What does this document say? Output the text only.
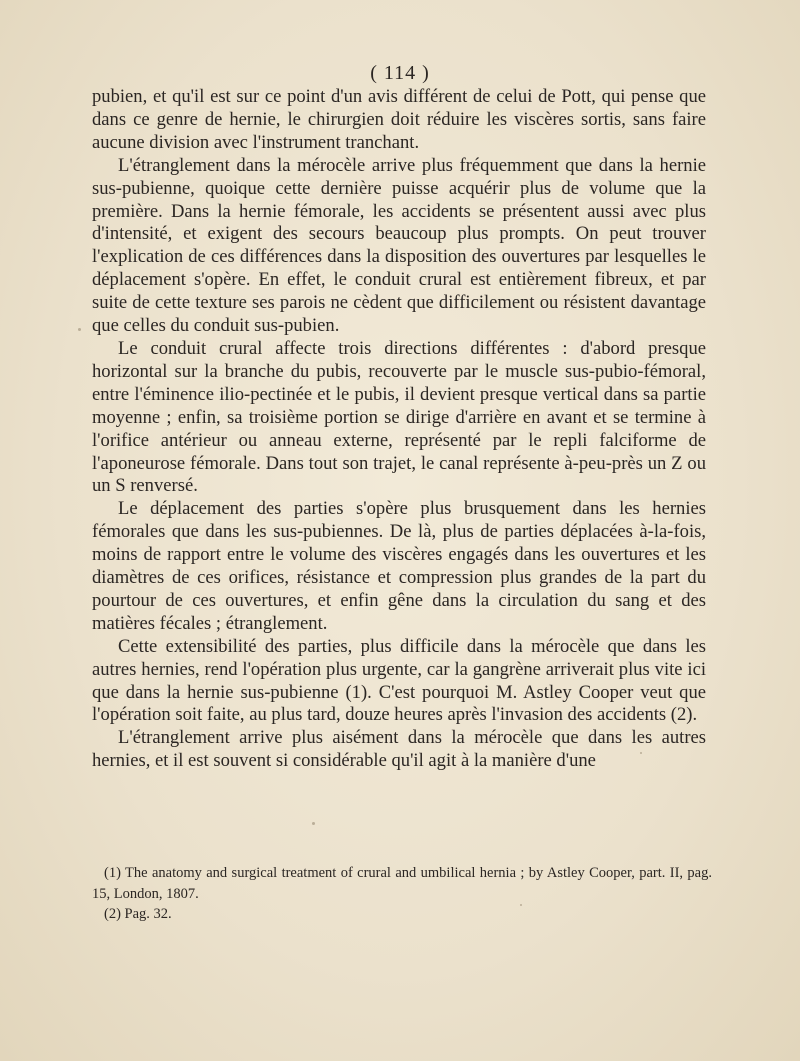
( 114 )

pubien, et qu'il est sur ce point d'un avis différent de celui de Pott, qui pense que dans ce genre de hernie, le chirurgien doit réduire les viscères sortis, sans faire aucune division avec l'instrument tranchant.

L'étranglement dans la mérocèle arrive plus fréquemment que dans la hernie sus-pubienne, quoique cette dernière puisse acquérir plus de volume que la première. Dans la hernie fémorale, les accidents se présentent aussi avec plus d'intensité, et exigent des secours beaucoup plus prompts. On peut trouver l'explication de ces différences dans la disposition des ouvertures par lesquelles le déplacement s'opère. En effet, le conduit crural est entièrement fibreux, et par suite de cette texture ses parois ne cèdent que difficilement ou résistent davantage que celles du conduit sus-pubien.

Le conduit crural affecte trois directions différentes : d'abord presque horizontal sur la branche du pubis, recouverte par le muscle sus-pubio-fémoral, entre l'éminence ilio-pectinée et le pubis, il devient presque vertical dans sa partie moyenne ; enfin, sa troisième portion se dirige d'arrière en avant et se termine à l'orifice antérieur ou anneau externe, représenté par le repli falciforme de l'aponeurose fémorale. Dans tout son trajet, le canal représente à-peu-près un Z ou un S renversé.

Le déplacement des parties s'opère plus brusquement dans les hernies fémorales que dans les sus-pubiennes. De là, plus de parties déplacées à-la-fois, moins de rapport entre le volume des viscères engagés dans les ouvertures et les diamètres de ces orifices, résistance et compression plus grandes de la part du pourtour de ces ouvertures, et enfin gêne dans la circulation du sang et des matières fécales ; étranglement.

Cette extensibilité des parties, plus difficile dans la mérocèle que dans les autres hernies, rend l'opération plus urgente, car la gangrène arriverait plus vite ici que dans la hernie sus-pubienne (1). C'est pourquoi M. Astley Cooper veut que l'opération soit faite, au plus tard, douze heures après l'invasion des accidents (2).

L'étranglement arrive plus aisément dans la mérocèle que dans les autres hernies, et il est souvent si considérable qu'il agit à la manière d'une

(1) The anatomy and surgical treatment of crural and umbilical hernia ; by Astley Cooper, part. II, pag. 15, London, 1807.

(2) Pag. 32.
